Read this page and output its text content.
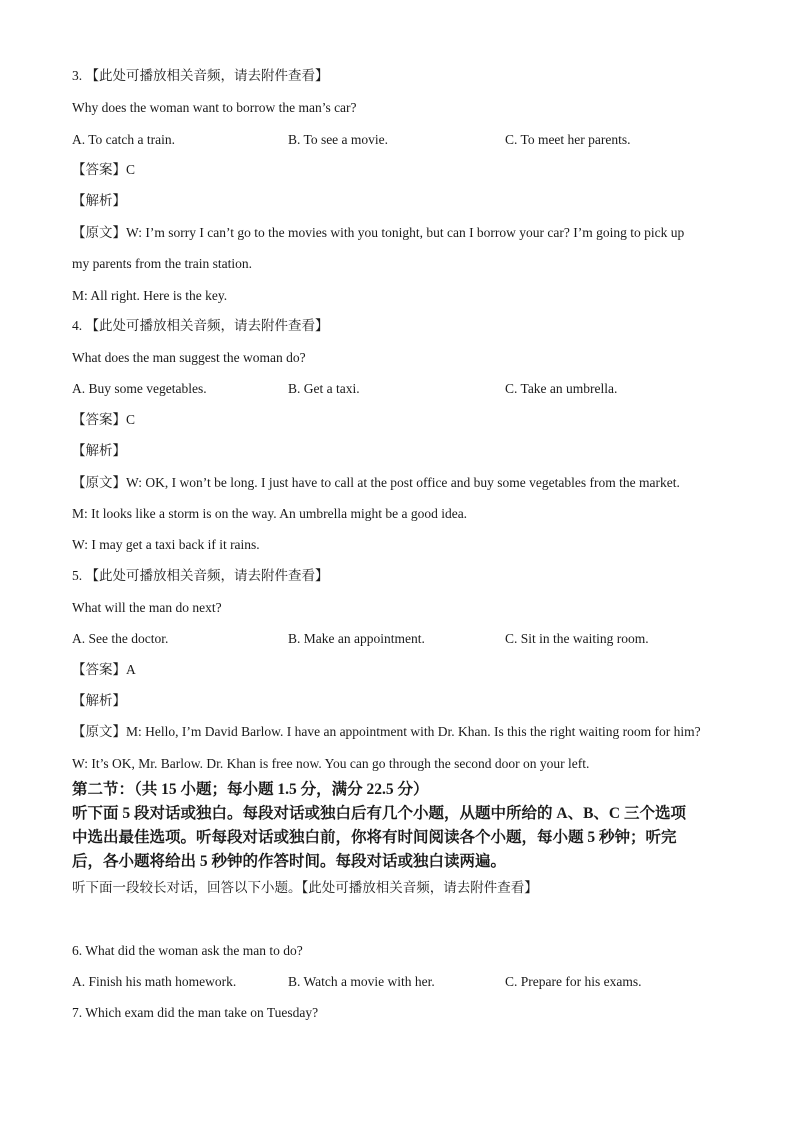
3. 【此处可播放相关音频，请去附件查看】
Why does the woman want to borrow the man’s car?
A. To catch a train.	B. To see a movie.	C. To meet her parents.
【答案】C
【解析】
【原文】W: I’m sorry I can’t go to the movies with you tonight, but can I borrow your car? I’m going to pick up
my parents from the train station.
M: All right. Here is the key.
4. 【此处可播放相关音频，请去附件查看】
What does the man suggest the woman do?
A. Buy some vegetables.	B. Get a taxi.	C. Take an umbrella.
【答案】C
【解析】
【原文】W: OK, I won’t be long. I just have to call at the post office and buy some vegetables from the market.
M: It looks like a storm is on the way. An umbrella might be a good idea.
W: I may get a taxi back if it rains.
5. 【此处可播放相关音频，请去附件查看】
What will the man do next?
A. See the doctor.	B. Make an appointment.	C. Sit in the waiting room.
【答案】A
【解析】
【原文】M: Hello, I’m David Barlow. I have an appointment with Dr. Khan. Is this the right waiting room for him?
W: It’s OK, Mr. Barlow. Dr. Khan is free now. You can go through the second door on your left.
第二节：（共 15 小题；每小题 1.5 分，满分 22.5 分）
听下面 5 段对话或独白。每段对话或独白后有几个小题，从题中所给的 A、B、C 三个选项
中选出最佳选项。听每段对话或独白前，你将有时间阅读各个小题，每小题 5 秒钟；听完
后，各小题将给出 5 秒钟的作答时间。每段对话或独白读两遍。
听下面一段较长对话，回答以下小题。【此处可播放相关音频，请去附件查看】
6. What did the woman ask the man to do?
A. Finish his math homework.	B. Watch a movie with her.	C. Prepare for his exams.
7. Which exam did the man take on Tuesday?
